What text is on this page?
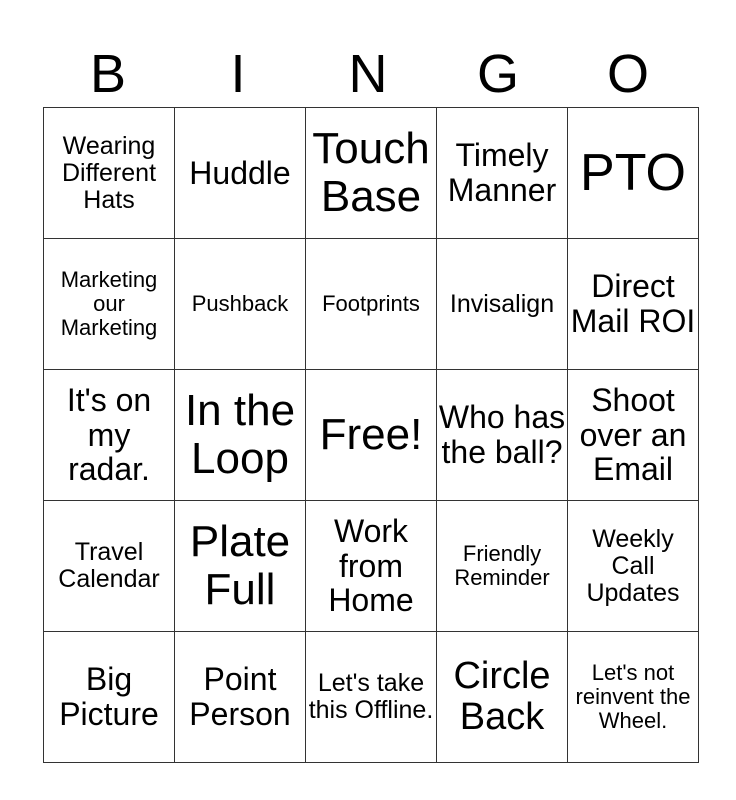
B	I	N	G	O
Wearing Different Hats	Huddle	Touch Base	Timely Manner	PTO
Marketing our Marketing	Pushback	Footprints	Invisalign	Direct Mail ROI
It's on my radar.	In the Loop	Free!	Who has the ball?	Shoot over an Email
Travel Calendar	Plate Full	Work from Home	Friendly Reminder	Weekly Call Updates
Big Picture	Point Person	Let's take this Offline.	Circle Back	Let's not reinvent the Wheel.
